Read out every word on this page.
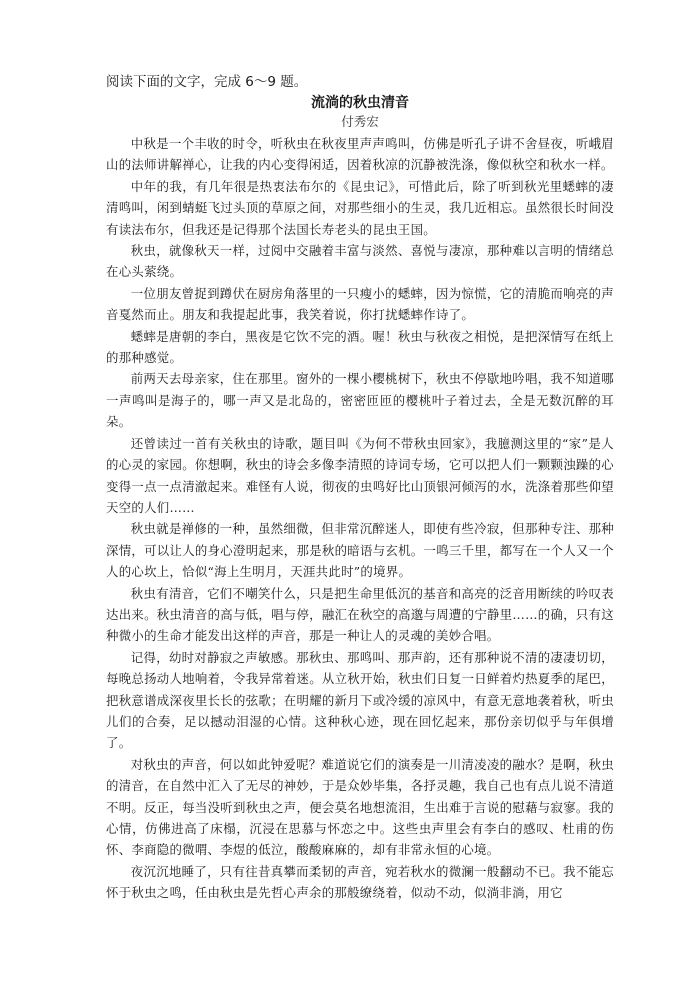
阅读下面的文字，完成 6～9 题。

流淌的秋虫清音

付秀宏

中秋是一个丰收的时令，听秋虫在秋夜里声声鸣叫，仿佛是听孔子讲不舍昼夜，听峨眉山的法师讲解禅心，让我的内心变得闲适，因着秋凉的沉静被洗涤，像似秋空和秋水一样。

中年的我，有几年很是热衷法布尔的《昆虫记》，可惜此后，除了听到秋光里蟋蟀的凄清鸣叫，闲到蜻蜓飞过头顶的草原之间，对那些细小的生灵，我几近相忘。虽然很长时间没有读法布尔，但我还是记得那个法国长寿老头的昆虫王国。

秋虫，就像秋天一样，过阅中交融着丰富与淡然、喜悦与凄凉，那种难以言明的情绪总在心头萦绕。

一位朋友曾捉到蹲伏在厨房角落里的一只瘦小的蟋蟀，因为惊慌，它的清脆而响亮的声音戛然而止。朋友和我提起此事，我笑着说，你打扰蟋蟀作诗了。

蟋蟀是唐朝的李白，黑夜是它饮不完的酒。喔！秋虫与秋夜之相悦，是把深情写在纸上的那种感觉。

前两天去母亲家，住在那里。窗外的一棵小樱桃树下，秋虫不停歇地吟唱，我不知道哪一声鸣叫是海子的，哪一声又是北岛的，密密匝匝的樱桃叶子着过去，全是无数沉醉的耳朵。

还曾读过一首有关秋虫的诗歌，题目叫《为何不带秋虫回家》，我臆测这里的“家”是人的心灵的家园。你想啊，秋虫的诗会多像李清照的诗词专场，它可以把人们一颗颗浊躁的心变得一点一点清澈起来。难怪有人说，彻夜的虫鸣好比山顶银河倾泻的水，洗涤着那些仰望天空的人们……

秋虫就是禅修的一种，虽然细微，但非常沉醉迷人，即使有些冷寂，但那种专注、那种深情，可以让人的身心澄明起来，那是秋的暗语与玄机。一鸣三千里，都写在一个人又一个人的心坎上，恰似“海上生明月，天涯共此时”的境界。

秋虫有清音，它们不嘲笑什么，只是把生命里低沉的基音和高亮的泛音用断续的吟叹表达出来。秋虫清音的高与低，唱与停，融汇在秋空的高邈与周遭的宁静里……的确，只有这种微小的生命才能发出这样的声音，那是一种让人的灵魂的美妙合唱。

记得，幼时对静寂之声敏感。那秋虫、那鸣叫、那声韵，还有那种说不清的凄凄切切，每晚总扬动人地响着，令我异常着迷。从立秋开始，秋虫们日复一日鲜着灼热夏季的尾巴，把秋意谱成深夜里长长的弦歌；在明耀的新月下或冷缓的凉风中，有意无意地袭着秋，听虫儿们的合奏，足以撼动泪湿的心情。这种秋心迹，现在回忆起来，那份亲切似乎与年俱增了。

对秋虫的声音，何以如此钟爱呢？难道说它们的演奏是一川清凌凌的融水？是啊，秋虫的清音，在自然中汇入了无尽的神妙，于是众妙毕集，各抒灵趣，我自己也有点儿说不清道不明。反正，每当没听到秋虫之声，便会莫名地想流泪，生出难于言说的慰藉与寂寥。我的心情，仿佛进高了床榻，沉浸在思慕与怀恋之中。这些虫声里会有李白的感叹、杜甫的伤怀、李商隐的微喟、李煜的低泣，酸酸麻麻的，却有非常永恒的心境。

夜沉沉地睡了，只有往昔真攀而柔韧的声音，宛若秋水的微澜一般翻动不已。我不能忘怀于秋虫之鸣，任由秋虫是先哲心声余的那般缭绕着，似动不动，似淌非淌，用它
